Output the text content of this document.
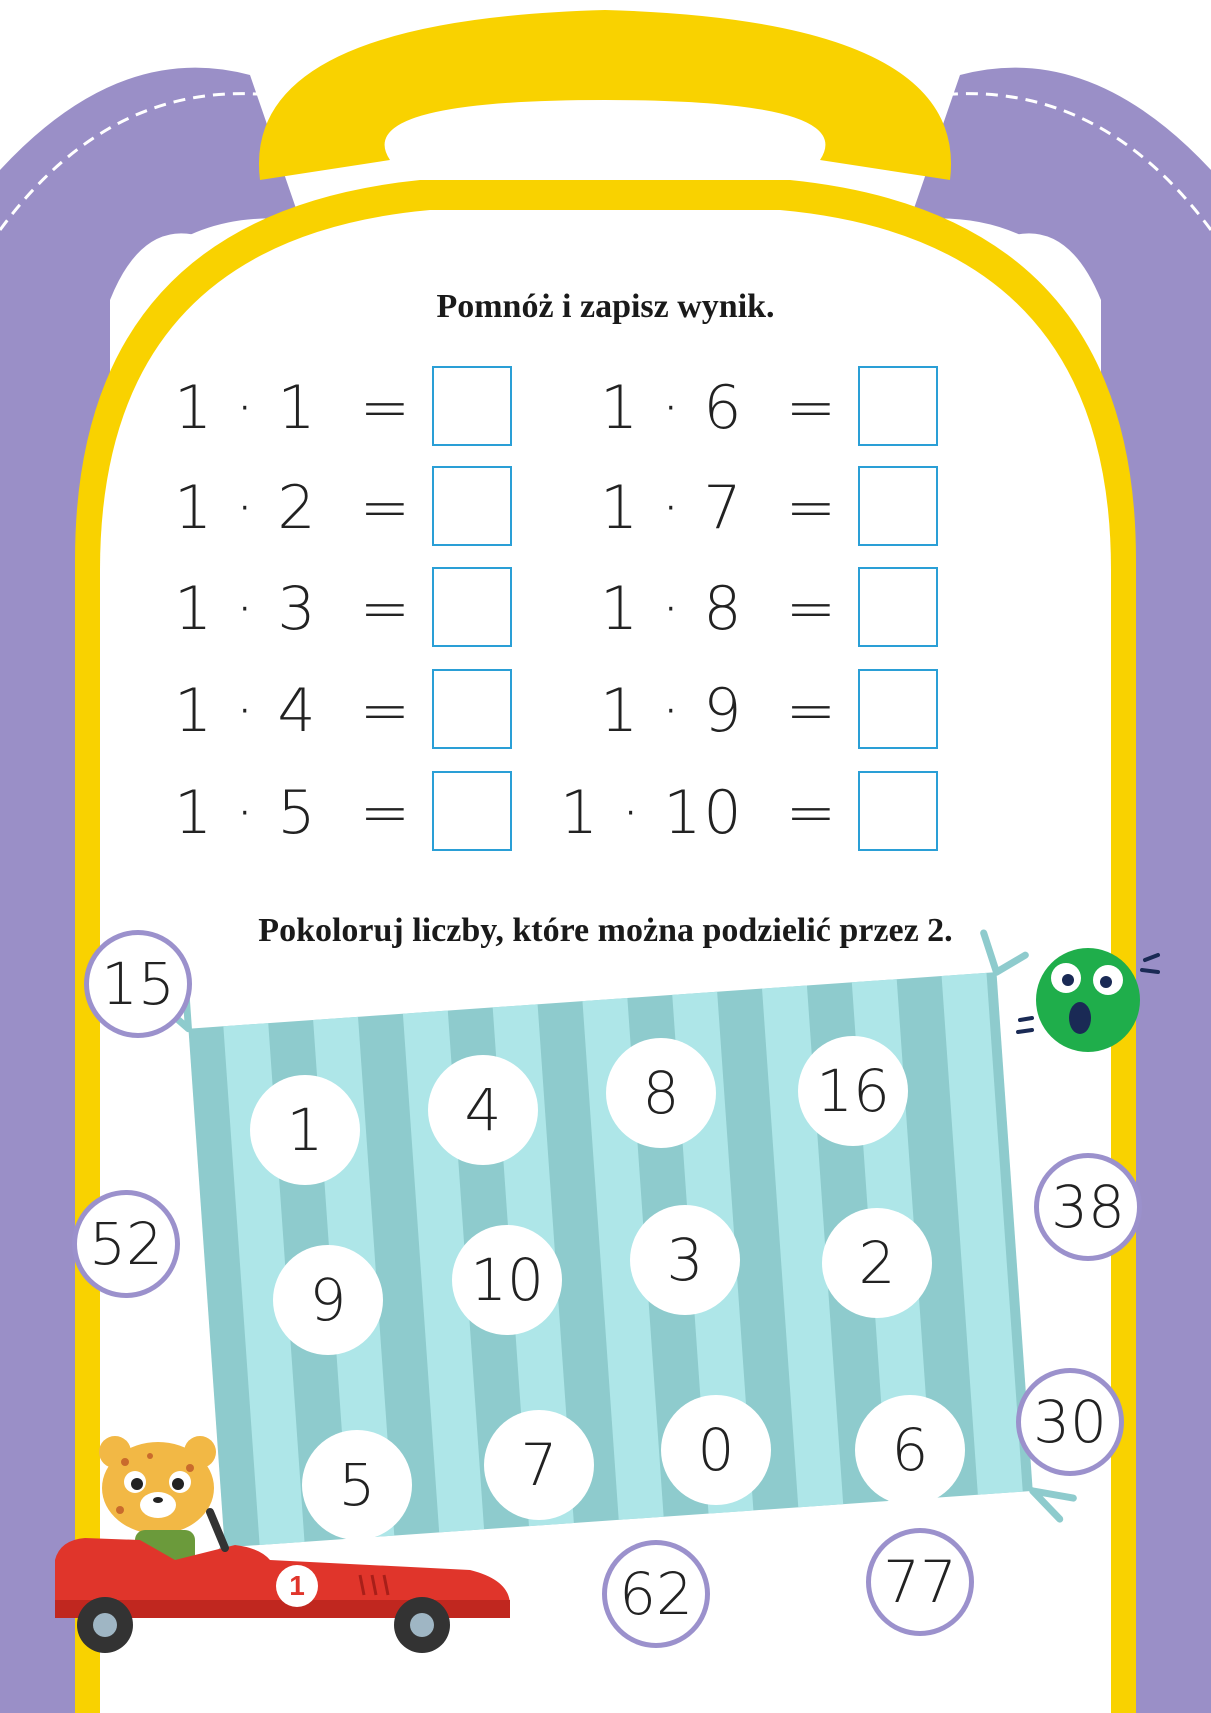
Pomnóż i zapisz wynik.
Pokoloruj liczby, które można podzielić przez 2.
1 · 1  =
1 · 2  =
1 · 3  =
1 · 4  =
1 · 5  =
1 · 6  =
1 · 7  =
1 · 8  =
1 · 9  =
1 · 10  =
1	4	8	16
9	10	3	2
5	7	0	6
15
52
38
30
62	77
1
